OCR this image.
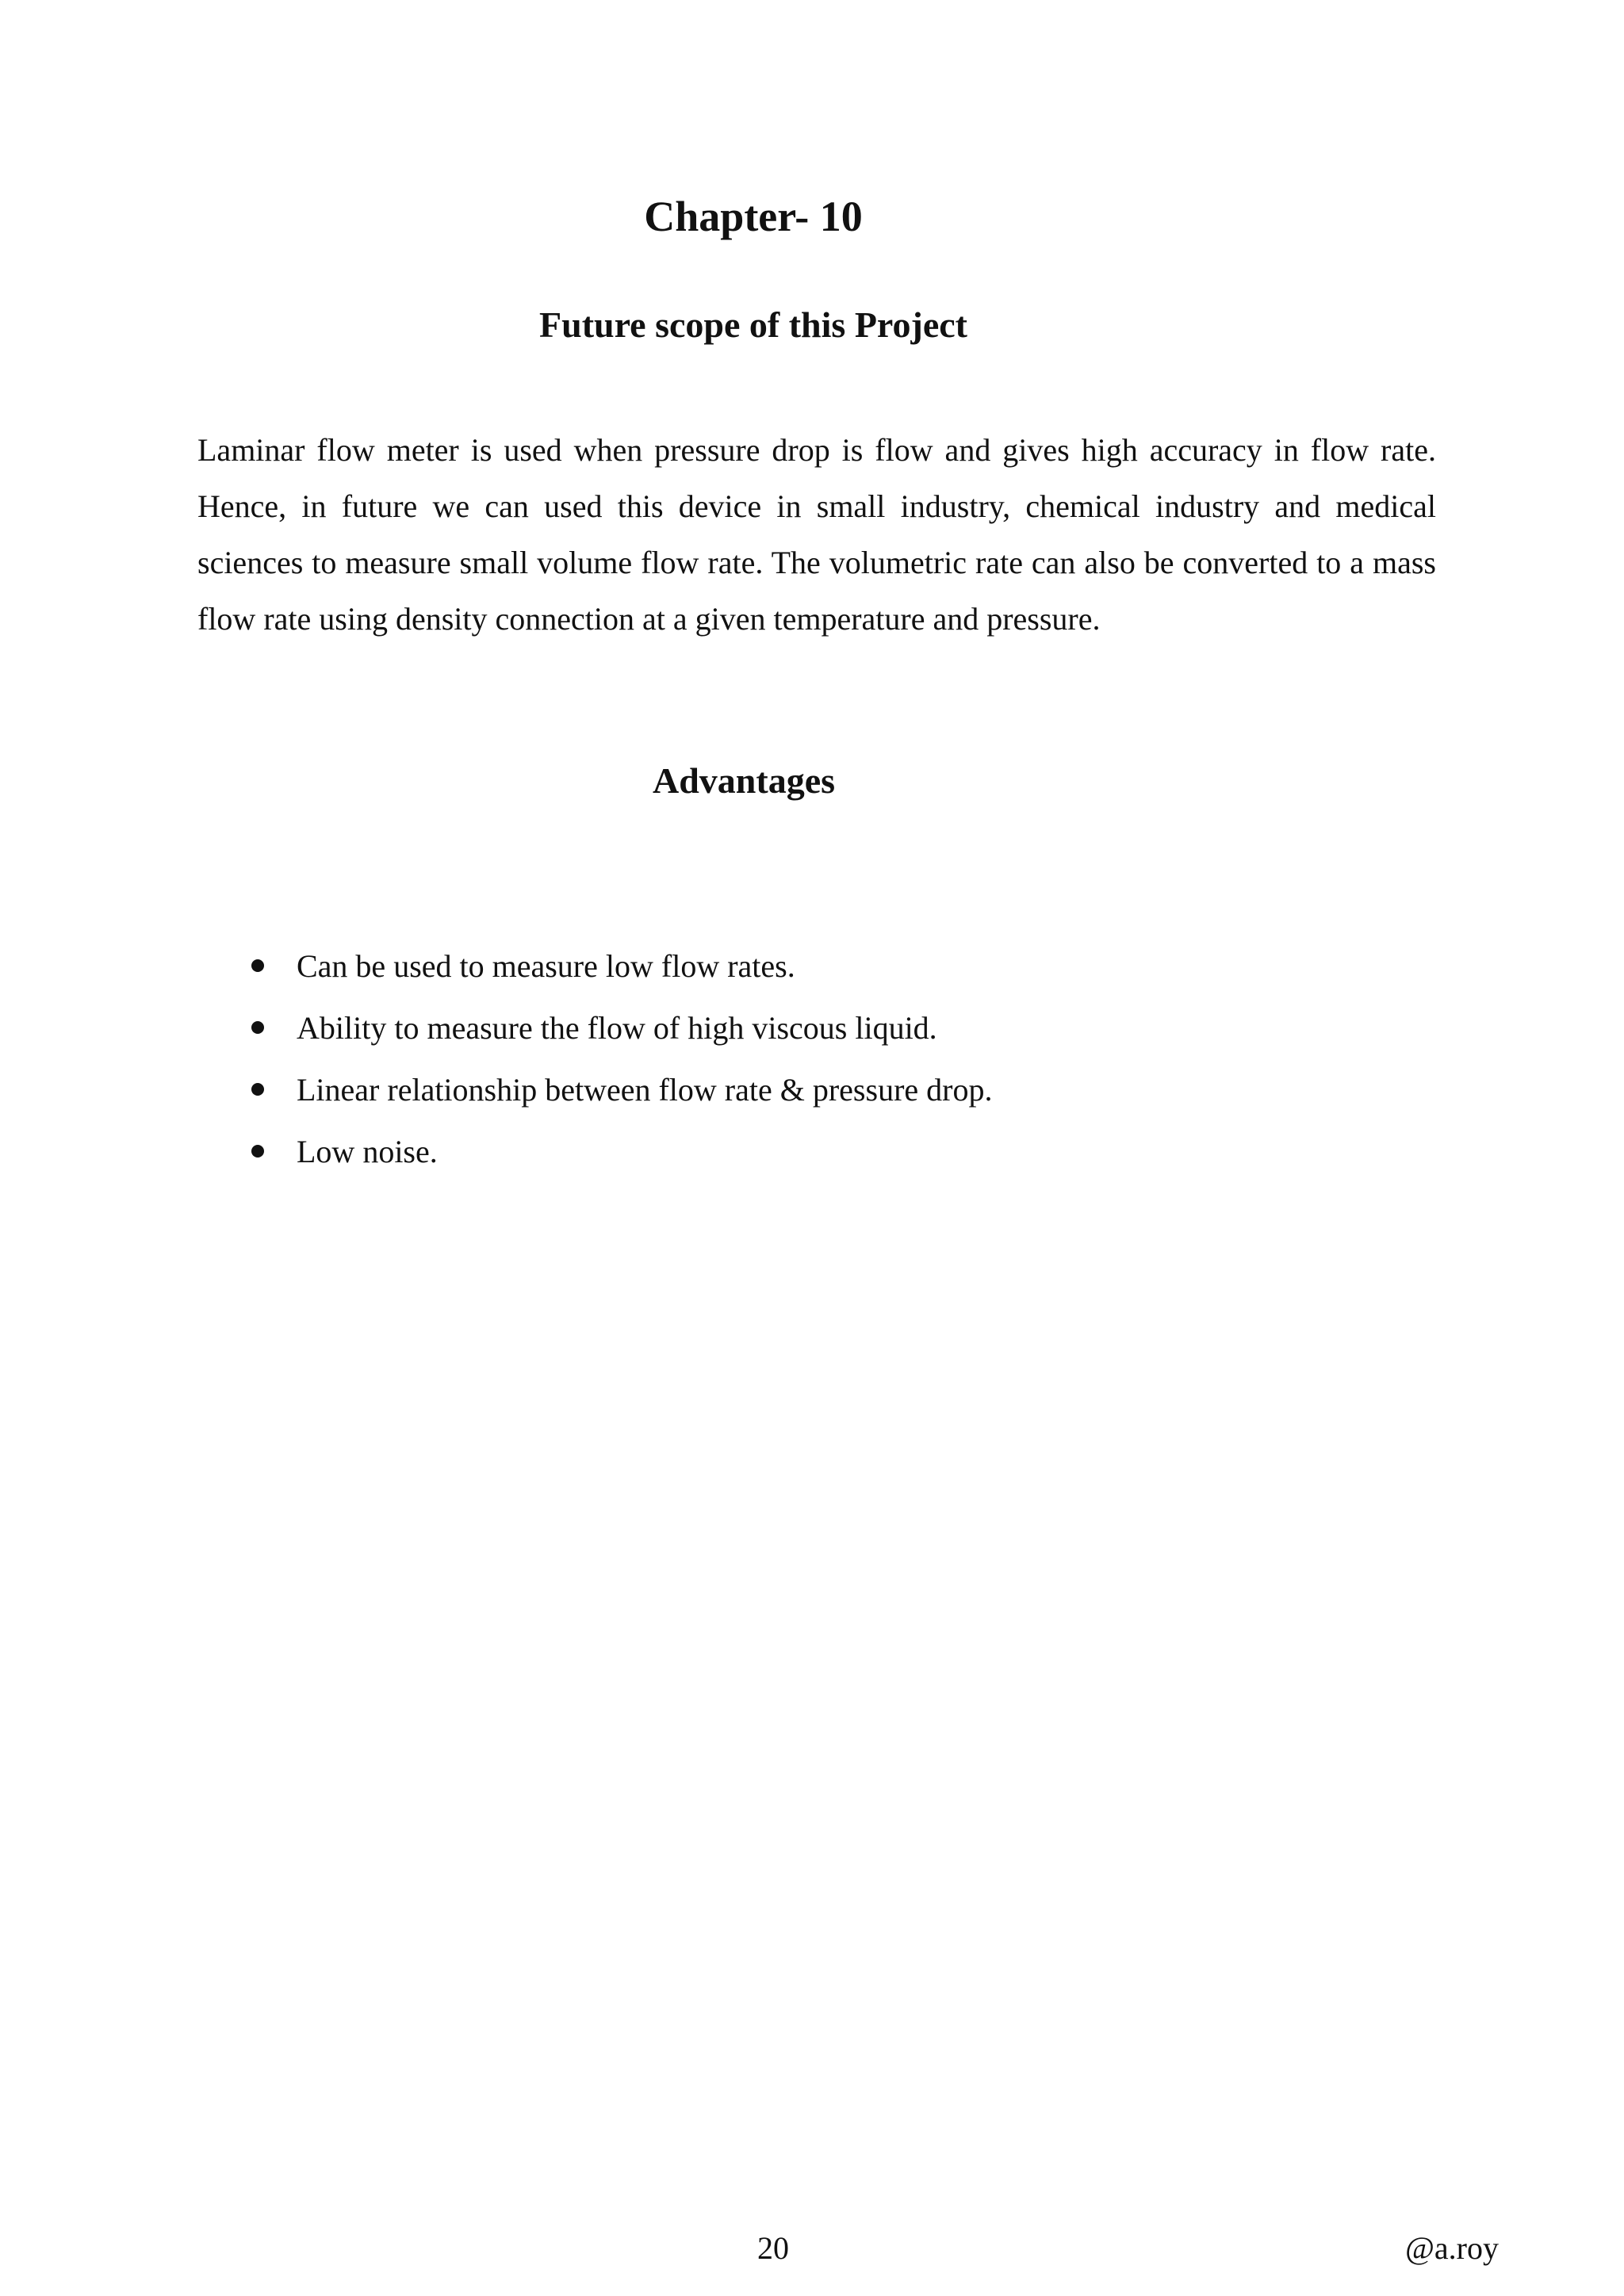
Chapter- 10
Future scope of this Project

Laminar flow meter is used when pressure drop is flow and gives high accuracy in flow rate. Hence, in future we can used this device in small industry, chemical industry and medical sciences to measure small volume flow rate. The volumetric rate can also be converted to a mass flow rate using density connection at a given temperature and pressure.

Advantages
Can be used to measure low flow rates.
Ability to measure the flow of high viscous liquid.
Linear relationship between flow rate & pressure drop.
Low noise.
20	@a.roy
